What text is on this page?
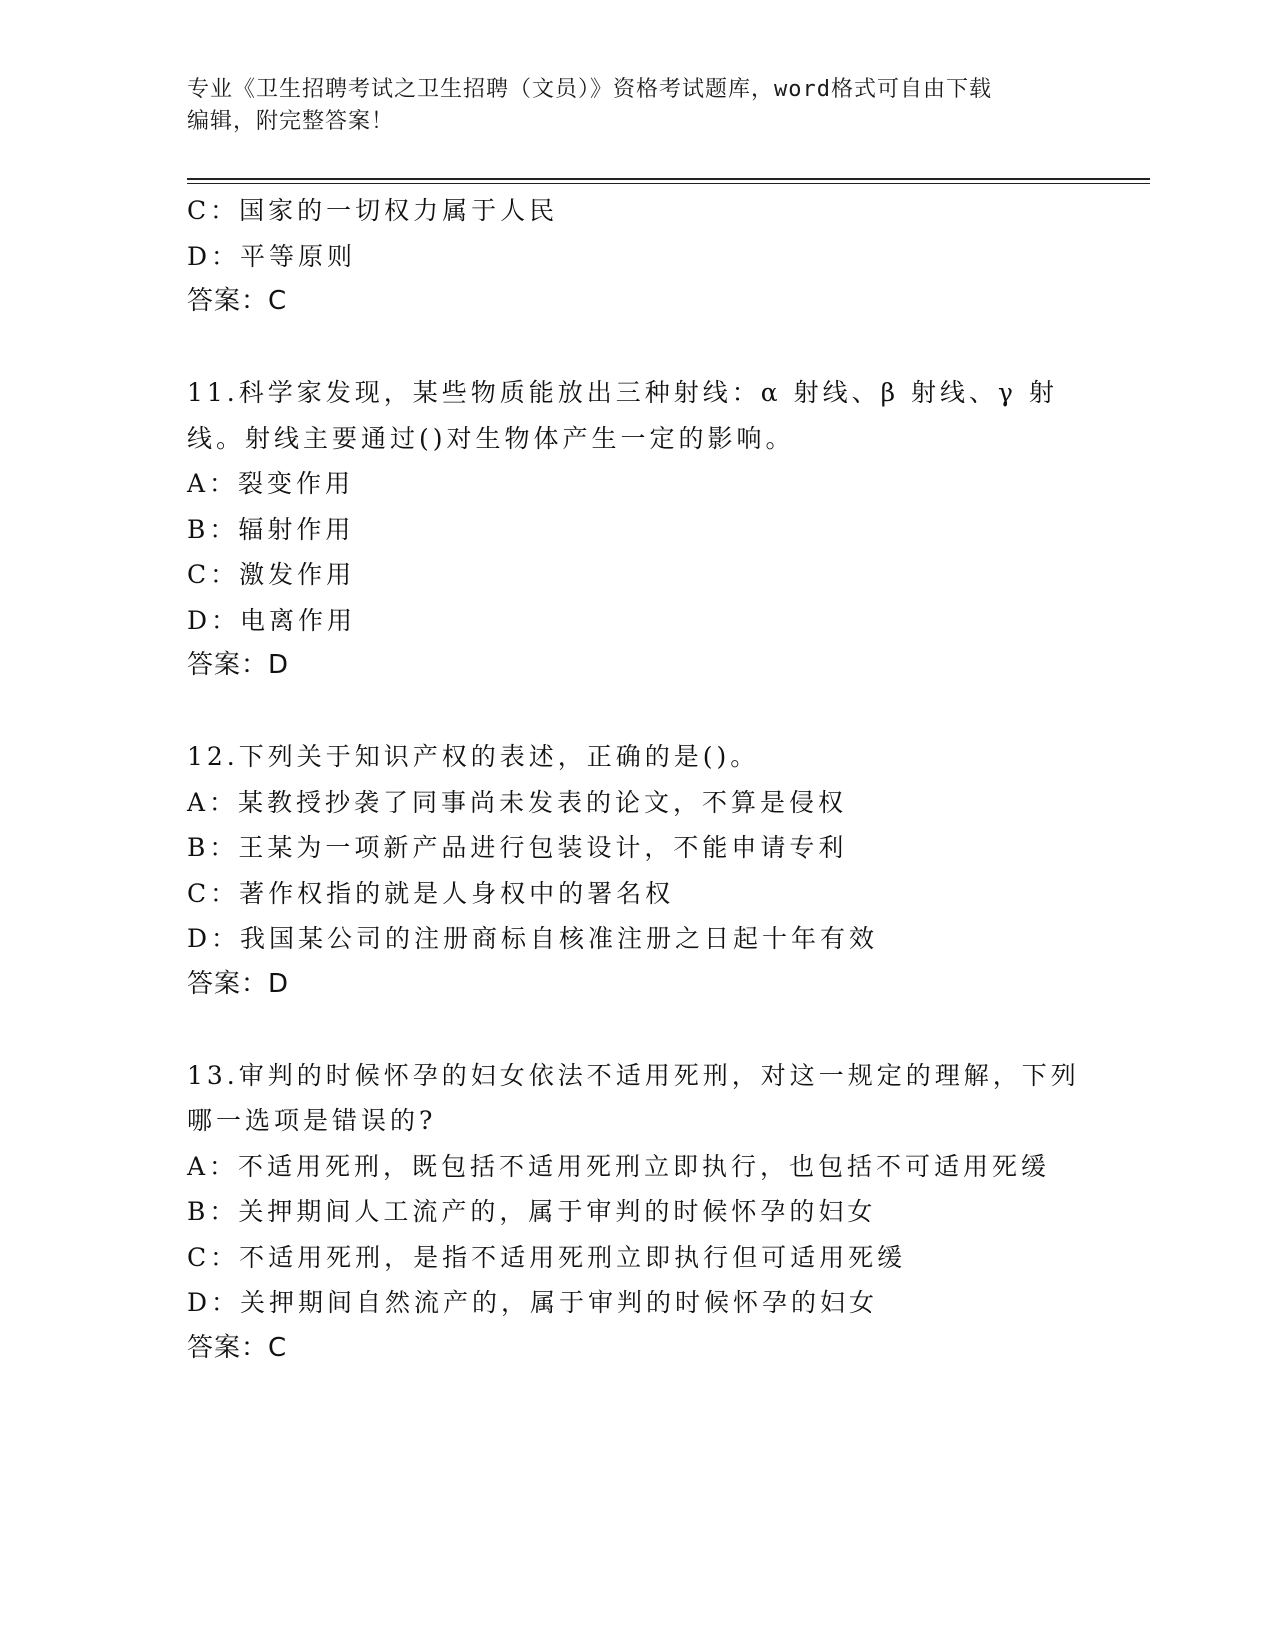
专业《卫生招聘考试之卫生招聘（文员）》资格考试题库，word格式可自由下载
编辑，附完整答案！
C：国家的一切权力属于人民
D：平等原则
答案：C
11.科学家发现，某些物质能放出三种射线：α 射线、β 射线、γ 射
线。射线主要通过()对生物体产生一定的影响。
A：裂变作用
B：辐射作用
C：激发作用
D：电离作用
答案：D
12.下列关于知识产权的表述，正确的是()。
A：某教授抄袭了同事尚未发表的论文，不算是侵权
B：王某为一项新产品进行包装设计，不能申请专利
C：著作权指的就是人身权中的署名权
D：我国某公司的注册商标自核准注册之日起十年有效
答案：D
13.审判的时候怀孕的妇女依法不适用死刑，对这一规定的理解，下列
哪一选项是错误的?
A：不适用死刑，既包括不适用死刑立即执行，也包括不可适用死缓
B：关押期间人工流产的，属于审判的时候怀孕的妇女
C：不适用死刑，是指不适用死刑立即执行但可适用死缓
D：关押期间自然流产的，属于审判的时候怀孕的妇女
答案：C
